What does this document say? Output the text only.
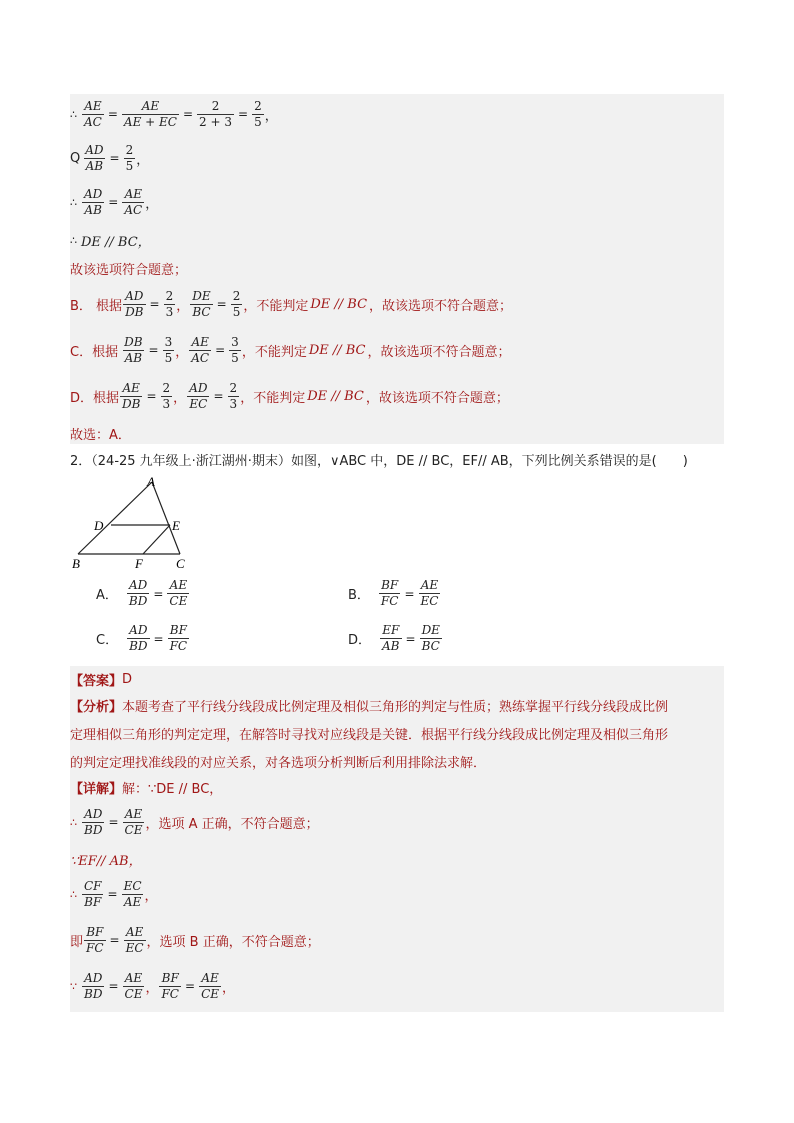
∴ $\frac{AE}{AC} = \frac{AE}{AE + EC} = \frac{2}{2 + 3} = \frac{2}{5}$ ，
Q $\frac{AD}{AB} = \frac{2}{5}$ ，
∴ $\frac{AD}{AB} = \frac{AE}{AC}$ ，
∴ DE // BC，
故该选项符合题意；
B． 根据 $\frac{AD}{DB} = \frac{2}{3}$ ， $\frac{DE}{BC} = \frac{2}{5}$ ，不能判定 DE // BC ，故该选项不符合题意；
C．根据 $\frac{DB}{AB} = \frac{3}{5}$ ， $\frac{AE}{AC} = \frac{3}{5}$ ，不能判定 DE // BC ，故该选项不符合题意；
D．根据 $\frac{AE}{DB} = \frac{2}{3}$ ， $\frac{AD}{EC} = \frac{2}{3}$ ，不能判定 DE // BC ，故该选项不符合题意；
故选：A．
2．（24-25 九年级上·浙江湖州·期末）如图，∨ABC 中，DE // BC，EF// AB，下列比例关系错误的是(　　)
A
D	E
B	F	C
A． $\frac{AD}{BD} = \frac{AE}{CE}$	B． $\frac{BF}{FC} = \frac{AE}{EC}$
C． $\frac{AD}{BD} = \frac{BF}{FC}$	D． $\frac{EF}{AB} = \frac{DE}{BC}$
【答案】 D
【分析】 本题考查了平行线分线段成比例定理及相似三角形的判定与性质；熟练掌握平行线分线段成比例
定理相似三角形的判定定理，在解答时寻找对应线段是关键．根据平行线分线段成比例定理及相似三角形
的判定定理找准线段的对应关系，对各选项分析判断后利用排除法求解．
【详解】 解：∵DE // BC，
∴ $\frac{AD}{BD} = \frac{AE}{CE}$ ，选项 A 正确，不符合题意；
∵EF// AB，
∴ $\frac{CF}{BF} = \frac{EC}{AE}$ ，
即 $\frac{BF}{FC} = \frac{AE}{EC}$ ，选项 B 正确，不符合题意；
∵ $\frac{AD}{BD} = \frac{AE}{CE}$ ， $\frac{BF}{FC} = \frac{AE}{CE}$ ，
